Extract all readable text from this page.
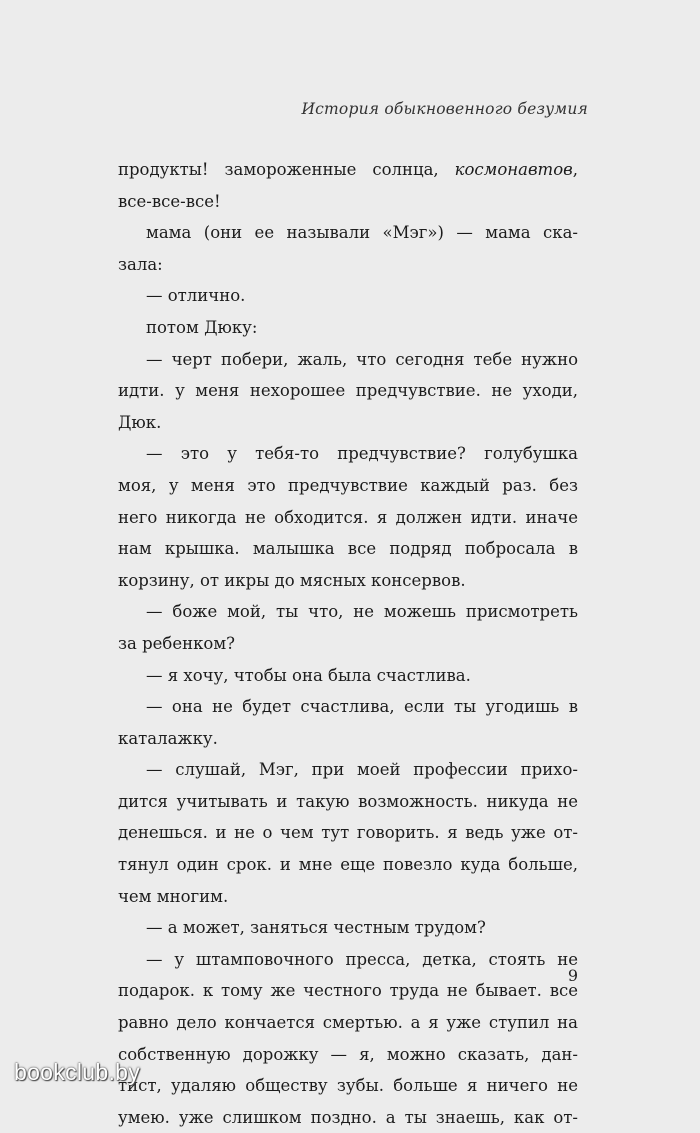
История обыкновенного безумия
продукты! замороженные солнца, космонавтов,
все-все-все!
мама (они ее называли «Мэг») — мама ска-
зала:
— отлично.
потом Дюку:
— черт побери, жаль, что сегодня тебе нужно
идти. у меня нехорошее предчувствие. не уходи,
Дюк.
— это у тебя-то предчувствие? голубушка
моя, у меня это предчувствие каждый раз. без
него никогда не обходится. я должен идти. иначе
нам крышка. малышка все подряд побросала в
корзину, от икры до мясных консервов.
— боже мой, ты что, не можешь присмотреть
за ребенком?
— я хочу, чтобы она была счастлива.
— она не будет счастлива, если ты угодишь в
каталажку.
— слушай, Мэг, при моей профессии прихо-
дится учитывать и такую возможность. никуда не
денешься. и не о чем тут говорить. я ведь уже от-
тянул один срок. и мне еще повезло куда больше,
чем многим.
— а может, заняться честным трудом?
— у штамповочного пресса, детка, стоять не
подарок. к тому же честного труда не бывает. все
равно дело кончается смертью. а я уже ступил на
собственную дорожку — я, можно сказать, дан-
тист, удаляю обществу зубы. больше я ничего не
умею. уже слишком поздно. а ты знаешь, как от-
9
bookclub.by
